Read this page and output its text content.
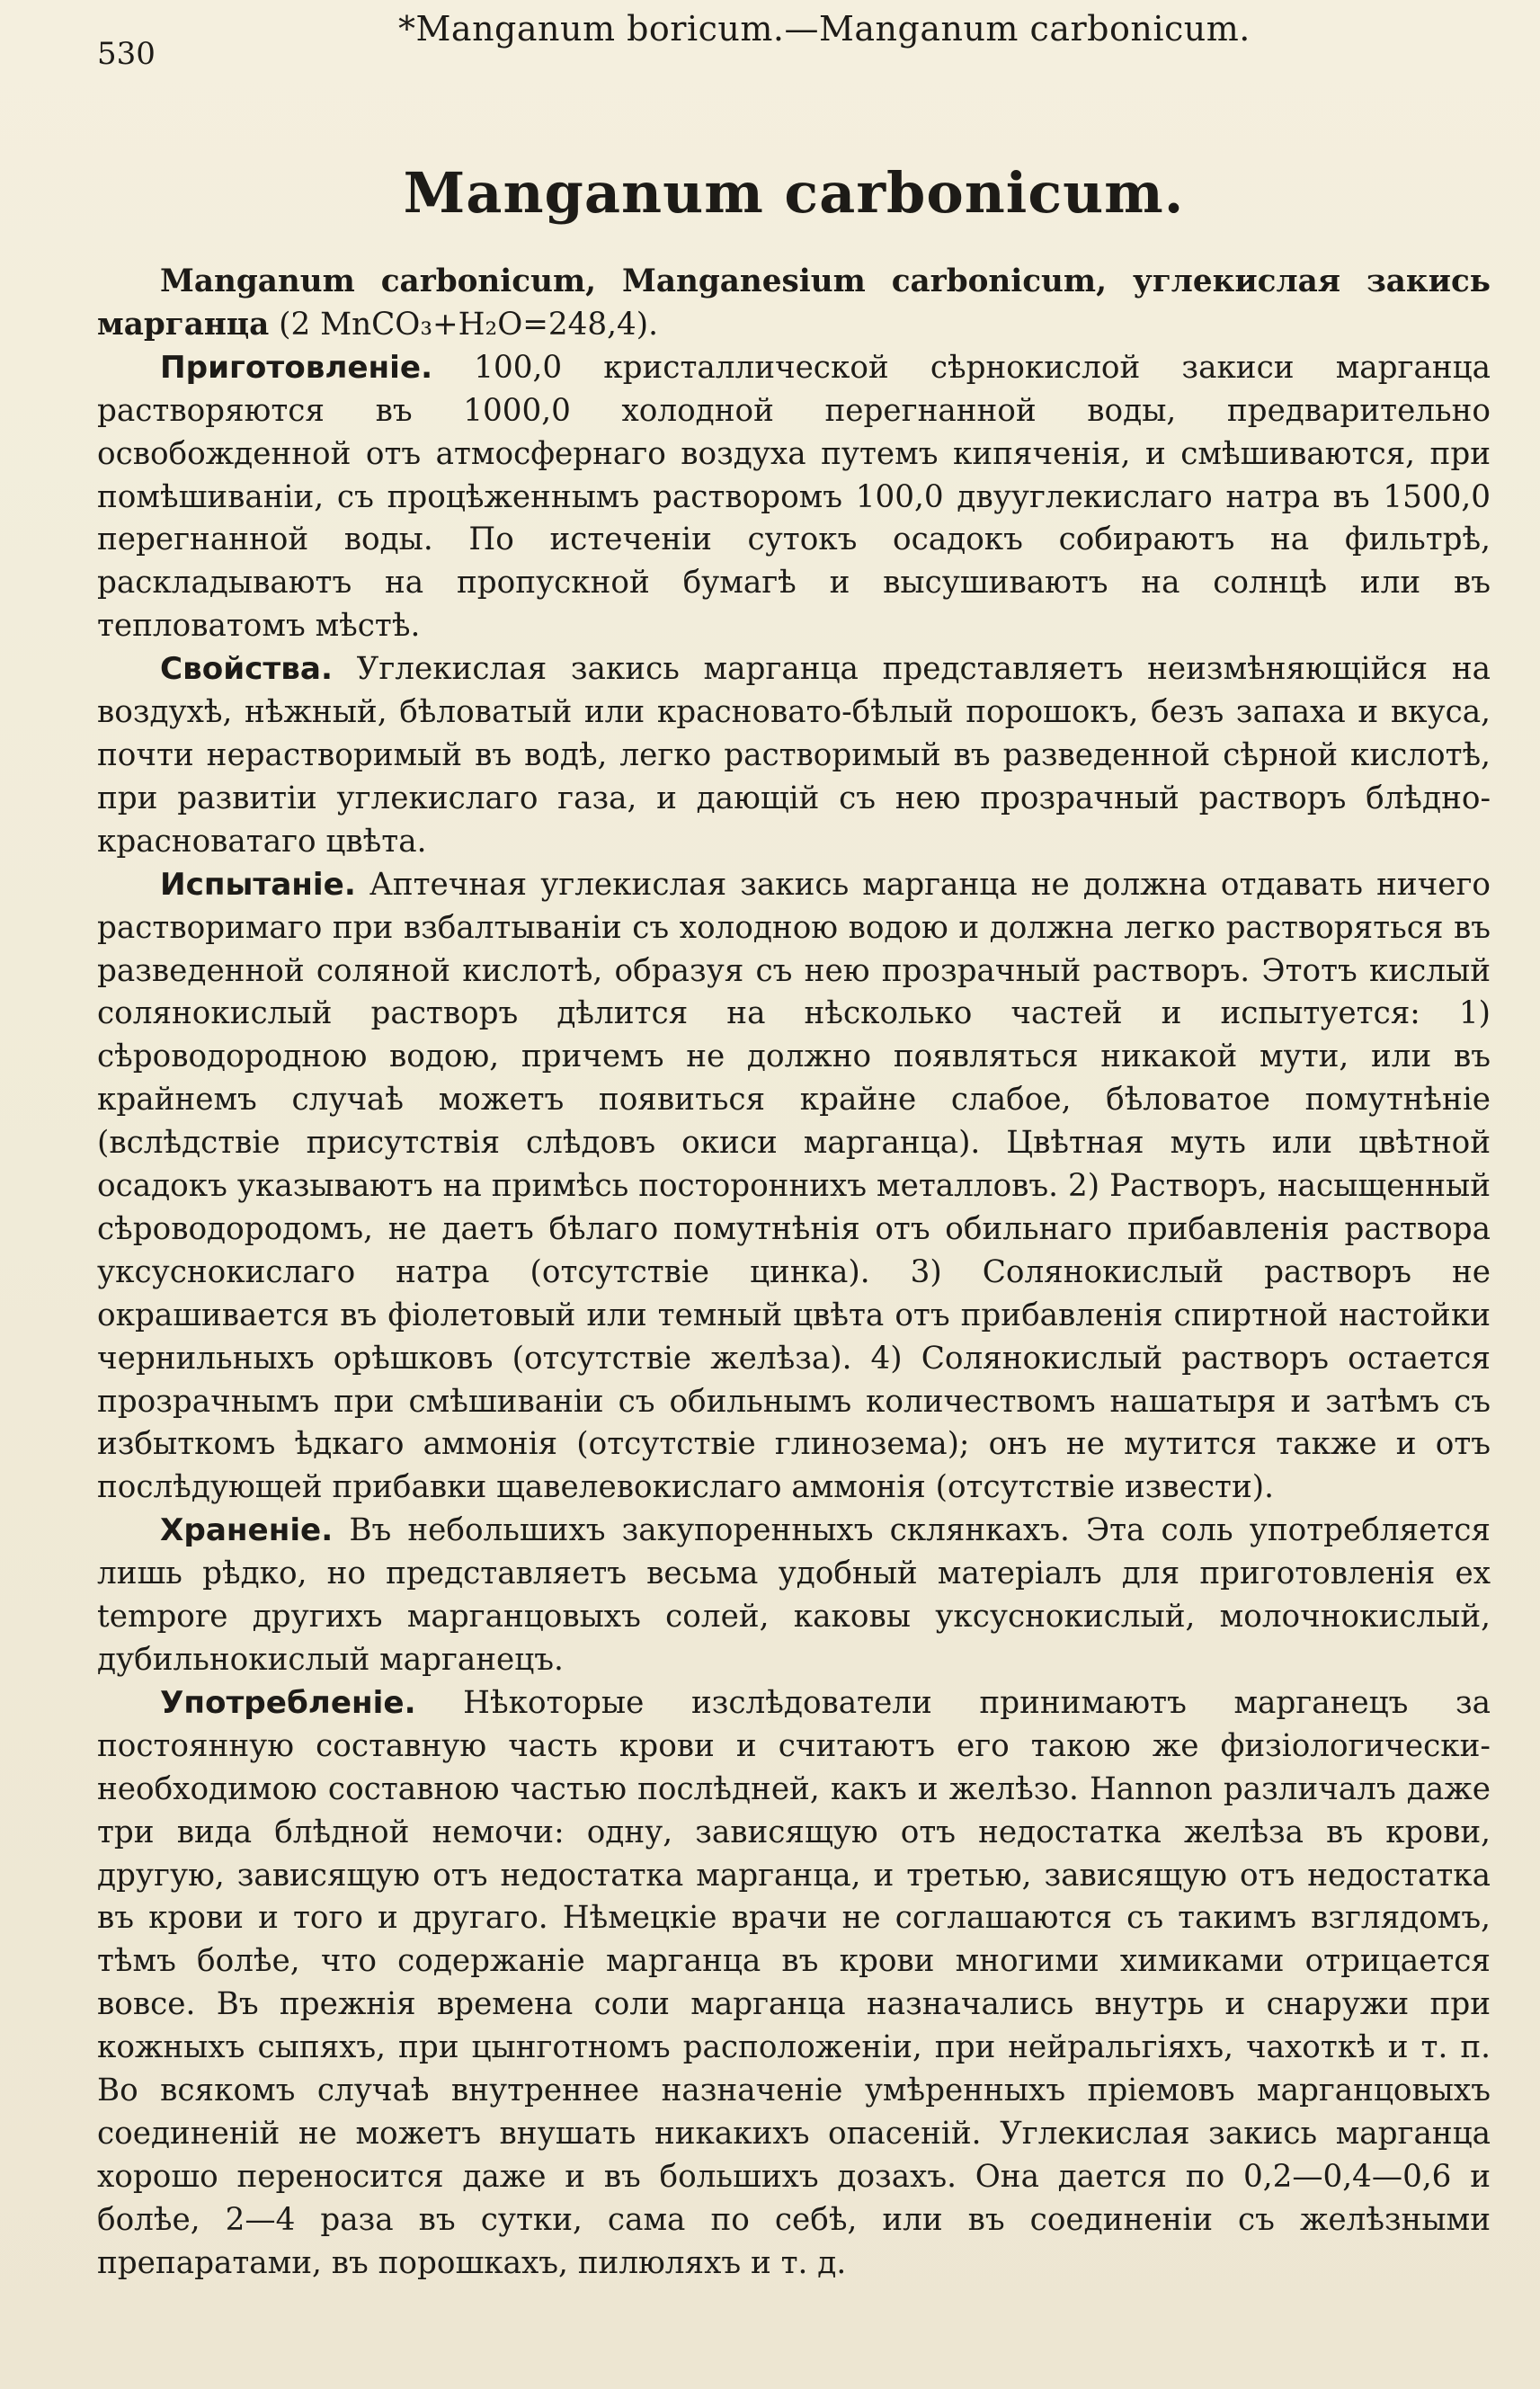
530
*Manganum boricum.—Manganum carbonicum.
Manganum carbonicum.

Manganum carbonicum, Manganesium carbonicum, углекислая закись марганца (2 MnCO₃+H₂O=248,4).

Приготовленіе. 100,0 кристаллической сѣрнокислой закиси марганца растворяются въ 1000,0 холодной перегнанной воды, предварительно освобожденной отъ атмосфернаго воздуха путемъ кипяченія, и смѣшиваются, при помѣшиваніи, съ процѣженнымъ растворомъ 100,0 двууглекислаго натра въ 1500,0 перегнанной воды. По истеченіи сутокъ осадокъ собираютъ на фильтрѣ, раскладываютъ на пропускной бумагѣ и высушиваютъ на солнцѣ или въ тепловатомъ мѣстѣ.

Свойства. Углекислая закись марганца представляетъ неизмѣняющійся на воздухѣ, нѣжный, бѣловатый или красновато-бѣлый порошокъ, безъ запаха и вкуса, почти нерастворимый въ водѣ, легко растворимый въ разведенной сѣрной кислотѣ, при развитіи углекислаго газа, и дающій съ нею прозрачный растворъ блѣдно-красноватаго цвѣта.

Испытаніе. Аптечная углекислая закись марганца не должна отдавать ничего растворимаго при взбалтываніи съ холодною водою и должна легко растворяться въ разведенной соляной кислотѣ, образуя съ нею прозрачный растворъ. Этотъ кислый солянокислый растворъ дѣлится на нѣсколько частей и испытуется: 1) сѣроводородною водою, причемъ не должно появляться никакой мути, или въ крайнемъ случаѣ можетъ появиться крайне слабое, бѣловатое помутнѣніе (вслѣдствіе присутствія слѣдовъ окиси марганца). Цвѣтная муть или цвѣтной осадокъ указываютъ на примѣсь постороннихъ металловъ. 2) Растворъ, насыщенный сѣроводородомъ, не даетъ бѣлаго помутнѣнія отъ обильнаго прибавленія раствора уксуснокислаго натра (отсутствіе цинка). 3) Солянокислый растворъ не окрашивается въ фіолетовый или темный цвѣта отъ прибавленія спиртной настойки чернильныхъ орѣшковъ (отсутствіе желѣза). 4) Солянокислый растворъ остается прозрачнымъ при смѣшиваніи съ обильнымъ количествомъ нашатыря и затѣмъ съ избыткомъ ѣдкаго аммонія (отсутствіе глинозема); онъ не мутится также и отъ послѣдующей прибавки щавелевокислаго аммонія (отсутствіе извести).

Храненіе. Въ небольшихъ закупоренныхъ склянкахъ. Эта соль употребляется лишь рѣдко, но представляетъ весьма удобный матеріалъ для приготовленія ex tempore другихъ марганцовыхъ солей, каковы уксуснокислый, молочнокислый, дубильнокислый марганецъ.

Употребленіе. Нѣкоторые изслѣдователи принимаютъ марганецъ за постоянную составную часть крови и считаютъ его такою же физіологически-необходимою составною частью послѣдней, какъ и желѣзо. Hannon различалъ даже три вида блѣдной немочи: одну, зависящую отъ недостатка желѣза въ крови, другую, зависящую отъ недостатка марганца, и третью, зависящую отъ недостатка въ крови и того и другаго. Нѣмецкіе врачи не соглашаются съ такимъ взглядомъ, тѣмъ болѣе, что содержаніе марганца въ крови многими химиками отрицается вовсе. Въ прежнія времена соли марганца назначались внутрь и снаружи при кожныхъ сыпяхъ, при цынготномъ расположеніи, при нейральгіяхъ, чахоткѣ и т. п. Во всякомъ случаѣ внутреннее назначеніе умѣренныхъ пріемовъ марганцовыхъ соединеній не можетъ внушать никакихъ опасеній. Углекислая закись марганца хорошо переносится даже и въ большихъ дозахъ. Она дается по 0,2—0,4—0,6 и болѣе, 2—4 раза въ сутки, сама по себѣ, или въ соединеніи съ желѣзными препаратами, въ порошкахъ, пилюляхъ и т. д.
